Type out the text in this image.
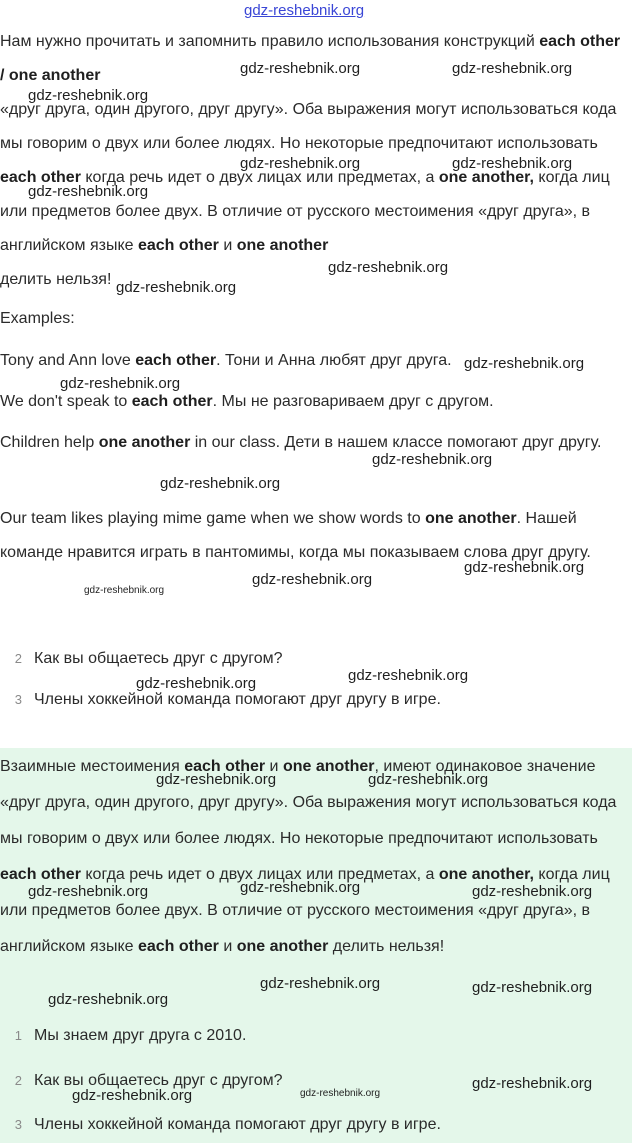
gdz-reshebnik.org

Нам нужно прочитать и запомнить правило использования конструкций each other / one another
«друг друга, один другого, друг другу». Оба выражения могут использоваться кода мы говорим о двух или более людях. Но некоторые предпочитают использовать each other когда речь идет о двух лицах или предметах, а one another, когда лиц или предметов более двух. В отличие от русского местоимения «друг друга», в английском языке each other и one another
делить нельзя!

Examples:

Tony and Ann love each other. Тони и Анна любят друг друга.

We don't speak to each other. Мы не разговариваем друг с другом.

Children help one another in our class. Дети в нашем классе помогают друг другу.

Our team likes playing mime game when we show words to one another. Нашей команде нравится играть в пантомимы, когда мы показываем слова друг другу.

2 Как вы общаетесь друг с другом?
3 Члены хоккейной команда помогают друг другу в игре.

Взаимные местоимения each other и one another, имеют одинаковое значение «друг друга, один другого, друг другу». Оба выражения могут использоваться кода мы говорим о двух или более людях. Но некоторые предпочитают использовать each other когда речь идет о двух лицах или предметах, а one another, когда лиц или предметов более двух. В отличие от русского местоимения «друг друга», в английском языке each other и one another делить нельзя!

1 Мы знаем друг друга с 2010.
2 Как вы общаетесь друг с другом?
3 Члены хоккейной команда помогают друг другу в игре.
gdz-reshebnik.org	gdz-reshebnik.org
gdz-reshebnik.org
gdz-reshebnik.org	gdz-reshebnik.org
gdz-reshebnik.org
gdz-reshebnik.org
gdz-reshebnik.org
gdz-reshebnik.org
gdz-reshebnik.org
gdz-reshebnik.org
gdz-reshebnik.org
gdz-reshebnik.org
gdz-reshebnik.org
gdz-reshebnik.org
gdz-reshebnik.org
gdz-reshebnik.org
gdz-reshebnik.org	gdz-reshebnik.org
gdz-reshebnik.org
gdz-reshebnik.org	gdz-reshebnik.org
gdz-reshebnik.org	gdz-reshebnik.org
gdz-reshebnik.org
gdz-reshebnik.org
gdz-reshebnik.org	gdz-reshebnik.org
